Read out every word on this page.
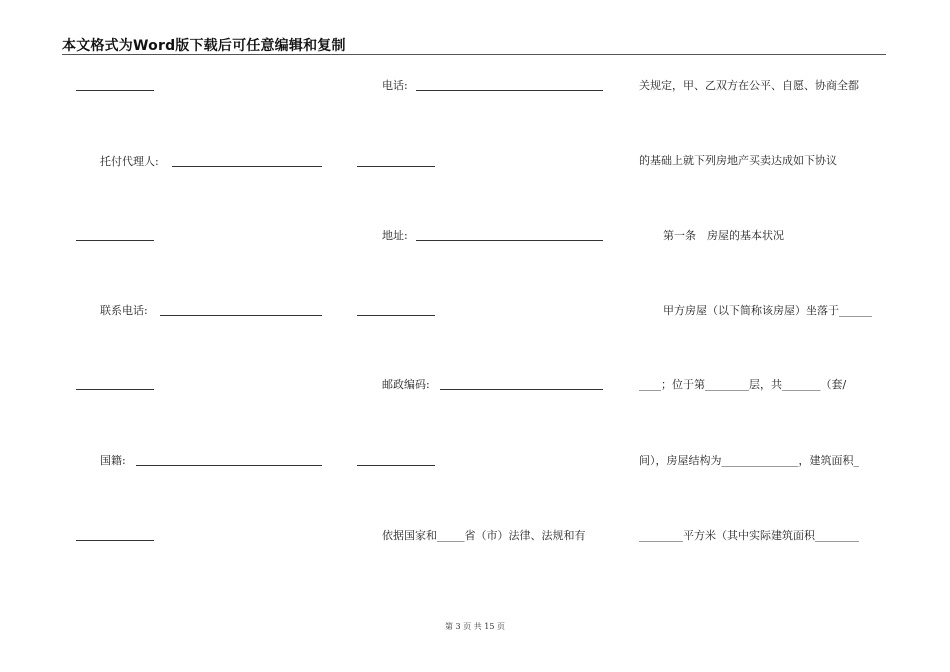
本文格式为Word版下载后可任意编辑和复制
托付代理人:
联系电话:
国籍:
电话:
地址:
邮政编码:
依据国家和_____省（市）法律、法规和有
关规定，甲、乙双方在公平、自愿、协商全都
的基础上就下列房地产买卖达成如下协议
第一条　房屋的基本状况
甲方房屋（以下简称该房屋）坐落于______
____；位于第________层，共_______（套/
间），房屋结构为______________，建筑面积_
________平方米（其中实际建筑面积________
第 3 页 共 15 页
